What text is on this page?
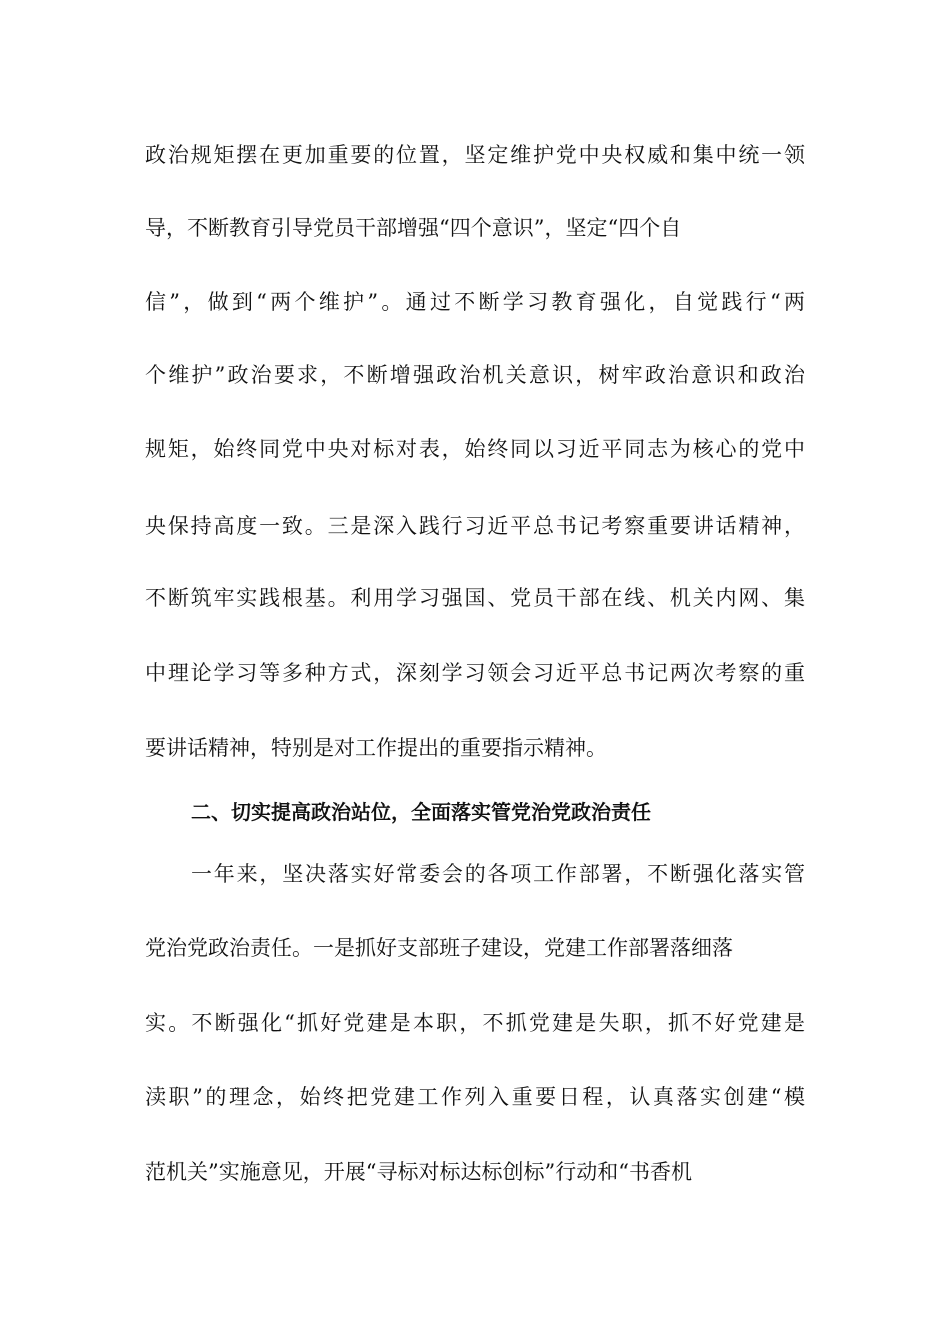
政治规矩摆在更加重要的位置，坚定维护党中央权威和集中统一领
导，不断教育引导党员干部增强“四个意识”，坚定“四个自
信”，做到“两个维护”。通过不断学习教育强化，自觉践行“两
个维护”政治要求，不断增强政治机关意识，树牢政治意识和政治
规矩，始终同党中央对标对表，始终同以习近平同志为核心的党中
央保持高度一致。三是深入践行习近平总书记考察重要讲话精神，
不断筑牢实践根基。利用学习强国、党员干部在线、机关内网、集
中理论学习等多种方式，深刻学习领会习近平总书记两次考察的重
要讲话精神，特别是对工作提出的重要指示精神。
二、切实提高政治站位，全面落实管党治党政治责任
一年来，坚决落实好常委会的各项工作部署，不断强化落实管
党治党政治责任。一是抓好支部班子建设，党建工作部署落细落
实。不断强化“抓好党建是本职，不抓党建是失职，抓不好党建是
渎职”的理念，始终把党建工作列入重要日程，认真落实创建“模
范机关”实施意见，开展“寻标对标达标创标”行动和“书香机
